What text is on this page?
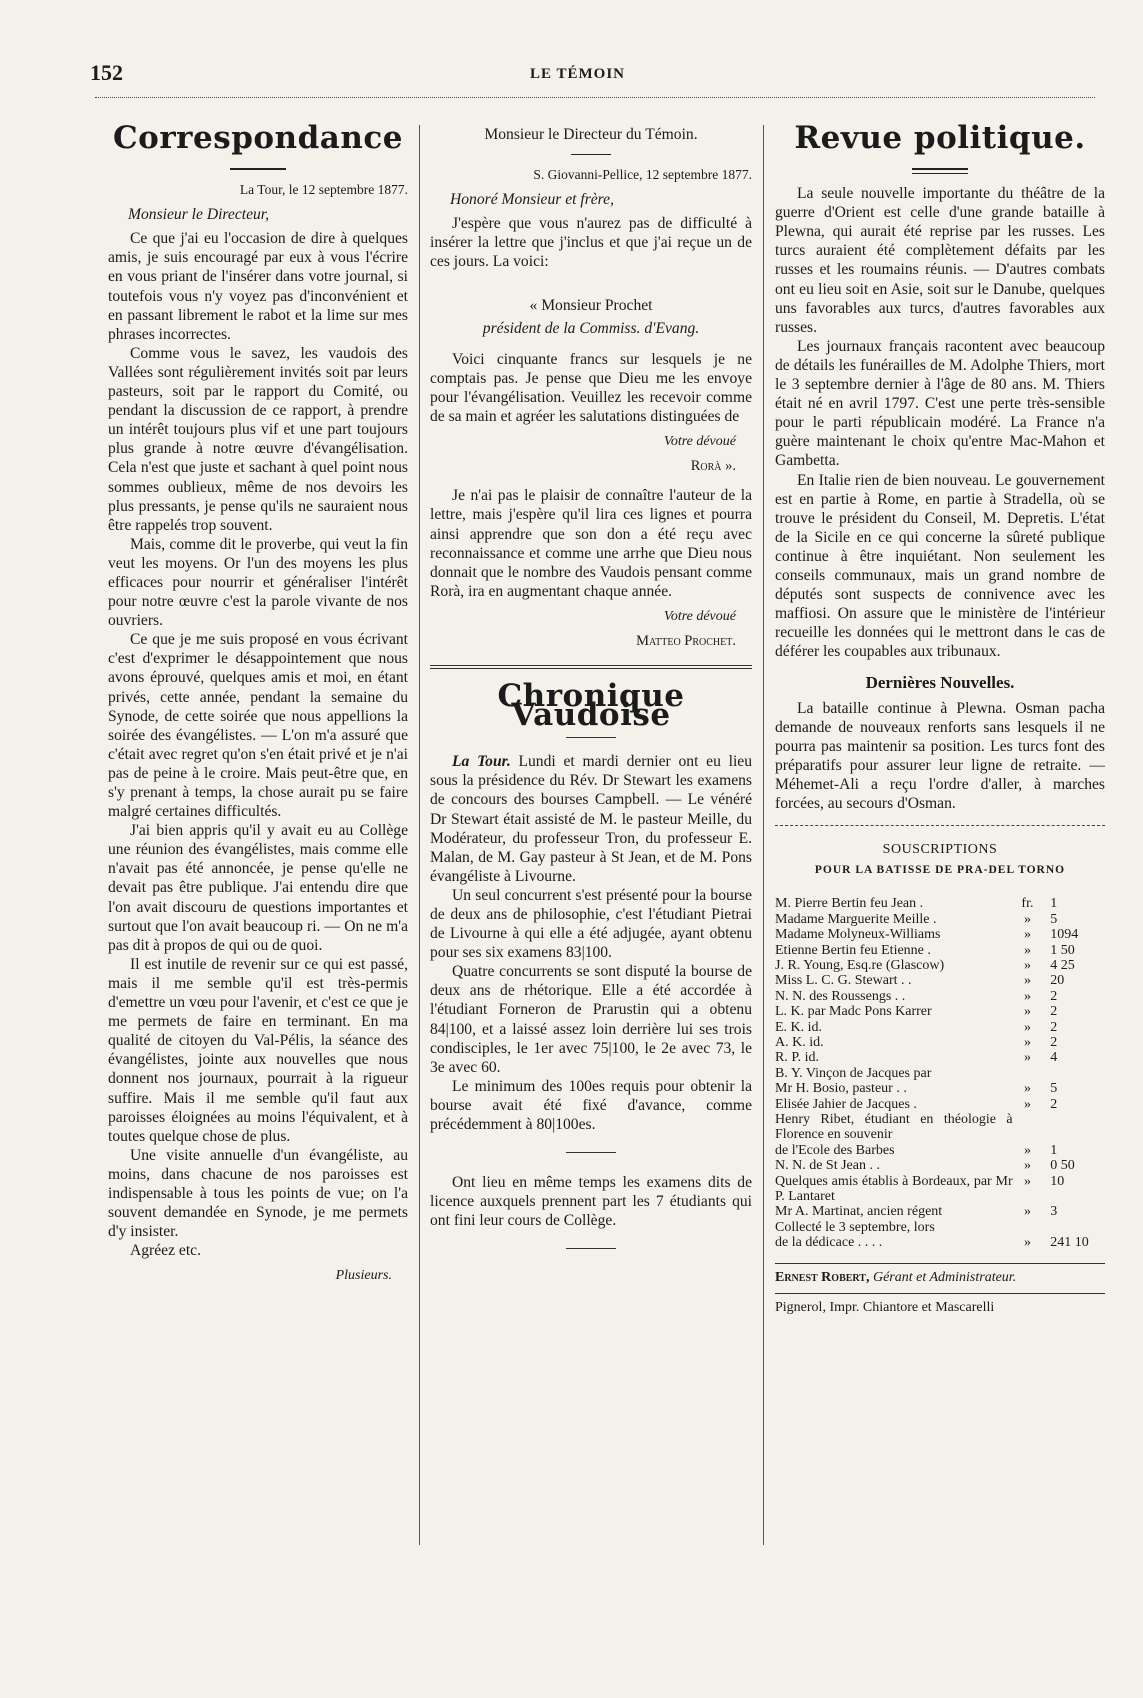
152	LE TÉMOIN
Correspondance
La Tour, le 12 septembre 1877.
Monsieur le Directeur,

Ce que j'ai eu l'occasion de dire à quelques amis, je suis encouragé par eux à vous l'écrire en vous priant de l'insérer dans votre journal, si toutefois vous n'y voyez pas d'inconvénient et en passant librement le rabot et la lime sur mes phrases incorrectes.

Comme vous le savez, les vaudois des Vallées sont régulièrement invités soit par leurs pasteurs, soit par le rapport du Comité, ou pendant la discussion de ce rapport, à prendre un intérêt toujours plus vif et une part toujours plus grande à notre œuvre d'évangélisation. Cela n'est que juste et sachant à quel point nous sommes oublieux, même de nos devoirs les plus pressants, je pense qu'ils ne sauraient nous être rappelés trop souvent.

Mais, comme dit le proverbe, qui veut la fin veut les moyens. Or l'un des moyens les plus efficaces pour nourrir et généraliser l'intérêt pour notre œuvre c'est la parole vivante de nos ouvriers.

Ce que je me suis proposé en vous écrivant c'est d'exprimer le désappointement que nous avons éprouvé, quelques amis et moi, en étant privés, cette année, pendant la semaine du Synode, de cette soirée que nous appellions la soirée des évangélistes. — L'on m'a assuré que c'était avec regret qu'on s'en était privé et je n'ai pas de peine à le croire. Mais peut-être que, en s'y prenant à temps, la chose aurait pu se faire malgré certaines difficultés.

J'ai bien appris qu'il y avait eu au Collège une réunion des évangélistes, mais comme elle n'avait pas été annoncée, je pense qu'elle ne devait pas être publique. J'ai entendu dire que l'on avait discouru de questions importantes et surtout que l'on avait beaucoup ri. — On ne m'a pas dit à propos de qui ou de quoi.

Il est inutile de revenir sur ce qui est passé, mais il me semble qu'il est très-permis d'emettre un vœu pour l'avenir, et c'est ce que je me permets de faire en terminant. En ma qualité de citoyen du Val-Pélis, la séance des évangélistes, jointe aux nouvelles que nous donnent nos journaux, pourrait à la rigueur suffire. Mais il me semble qu'il faut aux paroisses éloignées au moins l'équivalent, et à toutes quelque chose de plus.

Une visite annuelle d'un évangéliste, au moins, dans chacune de nos paroisses est indispensable à tous les points de vue; on l'a souvent demandée en Synode, je me permets d'y insister.

Agréez etc.

Plusieurs.
Monsieur le Directeur du Témoin.
S. Giovanni-Pellice, 12 septembre 1877.
Honoré Monsieur et frère,

J'espère que vous n'aurez pas de difficulté à insérer la lettre que j'inclus et que j'ai reçue un de ces jours. La voici:

« Monsieur Prochet
président de la Commiss. d'Evang.

Voici cinquante francs sur lesquels je ne comptais pas. Je pense que Dieu me les envoye pour l'évangélisation. Veuillez les recevoir comme de sa main et agréer les salutations distinguées de

Votre dévoué
Rorà ».

Je n'ai pas le plaisir de connaître l'auteur de la lettre, mais j'espère qu'il lira ces lignes et pourra ainsi apprendre que son don a été reçu avec reconnaissance et comme une arrhe que Dieu nous donnait que le nombre des Vaudois pensant comme Rorà, ira en augmentant chaque année.

Votre dévoué
Matteo Prochet.
Chronique Vaudoise

La Tour. Lundi et mardi dernier ont eu lieu sous la présidence du Rév. Dr Stewart les examens de concours des bourses Campbell. — Le vénéré Dr Stewart était assisté de M. le pasteur Meille, du Modérateur, du professeur Tron, du professeur E. Malan, de M. Gay pasteur à St Jean, et de M. Pons évangéliste à Livourne.

Un seul concurrent s'est présenté pour la bourse de deux ans de philosophie, c'est l'étudiant Pietrai de Livourne à qui elle a été adjugée, ayant obtenu pour ses six examens 83|100.

Quatre concurrents se sont disputé la bourse de deux ans de rhétorique. Elle a été accordée à l'étudiant Forneron de Prarustin qui a obtenu 84|100, et a laissé assez loin derrière lui ses trois condisciples, le 1er avec 75|100, le 2e avec 73, le 3e avec 60.

Le minimum des 100es requis pour obtenir la bourse avait été fixé d'avance, comme précédemment à 80|100es.

Ont lieu en même temps les examens dits de licence auxquels prennent part les 7 étudiants qui ont fini leur cours de Collège.

Revue politique.

La seule nouvelle importante du théâtre de la guerre d'Orient est celle d'une grande bataille à Plewna, qui aurait été reprise par les russes. Les turcs auraient été complètement défaits par les russes et les roumains réunis. — D'autres combats ont eu lieu soit en Asie, soit sur le Danube, quelques uns favorables aux turcs, d'autres favorables aux russes.

Les journaux français racontent avec beaucoup de détails les funérailles de M. Adolphe Thiers, mort le 3 septembre dernier à l'âge de 80 ans. M. Thiers était né en avril 1797. C'est une perte très-sensible pour le parti républicain modéré. La France n'a guère maintenant le choix qu'entre Mac-Mahon et Gambetta.

En Italie rien de bien nouveau. Le gouvernement est en partie à Rome, en partie à Stradella, où se trouve le président du Conseil, M. Depretis. L'état de la Sicile en ce qui concerne la sûreté publique continue à être inquiétant. Non seulement les conseils communaux, mais un grand nombre de députés sont suspects de connivence avec les maffiosi. On assure que le ministère de l'intérieur recueille les données qui le mettront dans le cas de déférer les coupables aux tribunaux.

Dernières Nouvelles.

La bataille continue à Plewna. Osman pacha demande de nouveaux renforts sans lesquels il ne pourra pas maintenir sa position. Les turcs font des préparatifs pour assurer leur ligne de retraite. — Méhemet-Ali a reçu l'ordre d'aller, à marches forcées, au secours d'Osman.

SOUSCRIPTIONS
POUR LA BATISSE DE PRA-DEL TORNO
M. Pierre Bertin feu Jean .	fr.	1
Madame Marguerite Meille .	»	5
Madame Molyneux-Williams	»	1094
Etienne Bertin feu Etienne .	»	1 50
J. R. Young, Esq.re (Glascow)	»	4 25
Miss L. C. G. Stewart . .	»	20
N. N. des Roussengs . .	»	2
L. K. par Madc Pons Karrer	»	2
E. K. id.	»	2
A. K. id.	»	2
R. P. id.	»	4
B. Y. Vinçon de Jacques par		
Mr H. Bosio, pasteur . .	»	5
Elisée Jahier de Jacques .	»	2
Henry Ribet, étudiant en théologie à Florence en souvenir		
de l'Ecole des Barbes	»	1
N. N. de St Jean . .	»	0 50
Quelques amis établis à Bordeaux, par Mr P. Lantaret	»	10
Mr A. Martinat, ancien régent	»	3
Collecté le 3 septembre, lors		
de la dédicace . . . .	»	241 10
Ernest Robert, Gérant et Administrateur.
Pignerol, Impr. Chiantore et Mascarelli
